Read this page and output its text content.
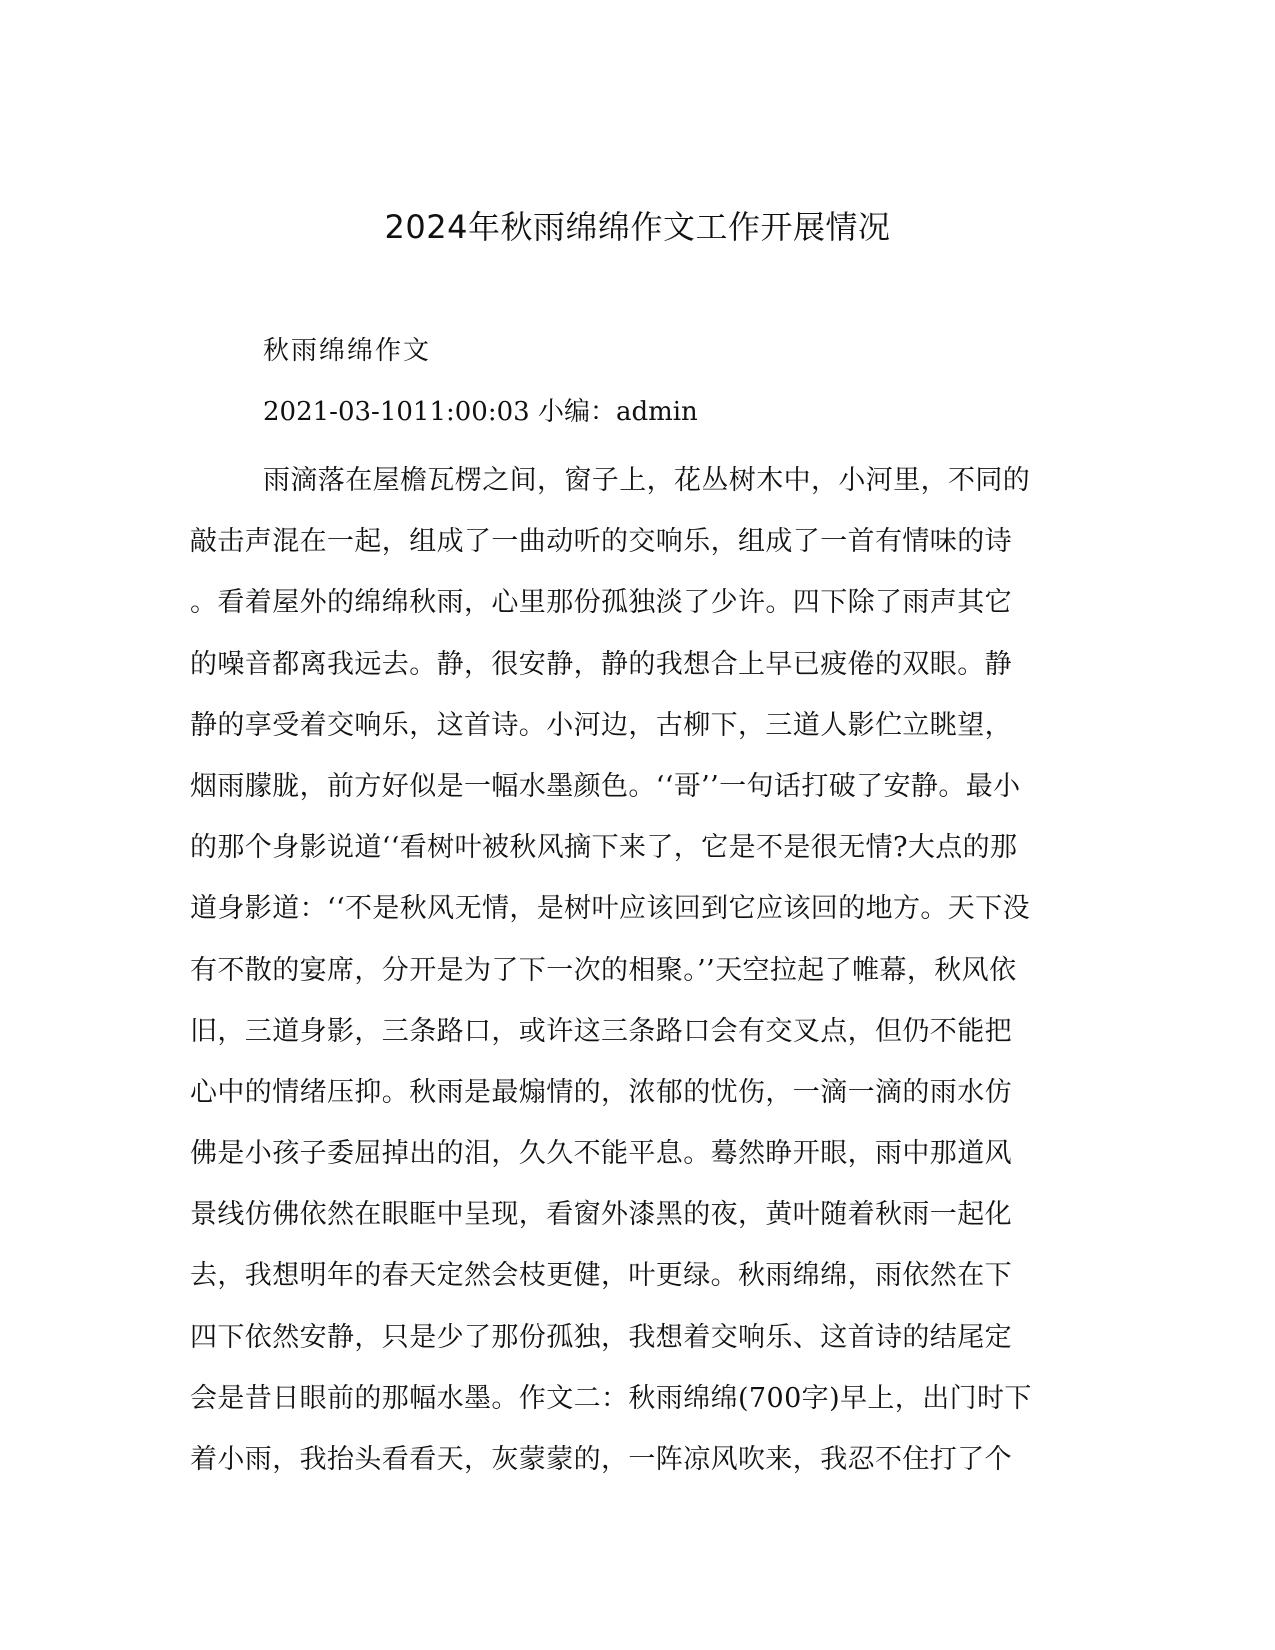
2024年秋雨绵绵作文工作开展情况
秋雨绵绵作文
2021-03-1011:00:03 小编：admin
雨滴落在屋檐瓦楞之间，窗子上，花丛树木中，小河里，不同的
敲击声混在一起，组成了一曲动听的交响乐，组成了一首有情味的诗
。看着屋外的绵绵秋雨，心里那份孤独淡了少许。四下除了雨声其它
的噪音都离我远去。静，很安静，静的我想合上早已疲倦的双眼。静
静的享受着交响乐，这首诗。小河边，古柳下，三道人影伫立眺望，
烟雨朦胧，前方好似是一幅水墨颜色。‘‘哥’’一句话打破了安静。最小
的那个身影说道‘‘看树叶被秋风摘下来了，它是不是很无情?大点的那
道身影道：‘‘不是秋风无情，是树叶应该回到它应该回的地方。天下没
有不散的宴席，分开是为了下一次的相聚。’’天空拉起了帷幕，秋风依
旧，三道身影，三条路口，或许这三条路口会有交叉点，但仍不能把
心中的情绪压抑。秋雨是最煽情的，浓郁的忧伤，一滴一滴的雨水仿
佛是小孩子委屈掉出的泪，久久不能平息。蓦然睁开眼，雨中那道风
景线仿佛依然在眼眶中呈现，看窗外漆黑的夜，黄叶随着秋雨一起化
去，我想明年的春天定然会枝更健，叶更绿。秋雨绵绵，雨依然在下
四下依然安静，只是少了那份孤独，我想着交响乐、这首诗的结尾定
会是昔日眼前的那幅水墨。作文二：秋雨绵绵(700字)早上，出门时下
着小雨，我抬头看看天，灰蒙蒙的，一阵凉风吹来，我忍不住打了个
